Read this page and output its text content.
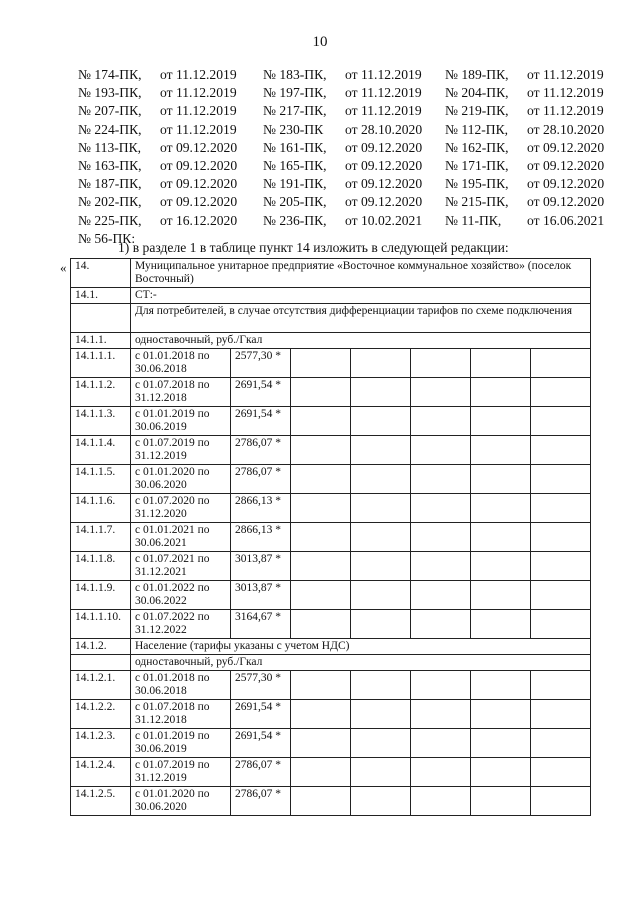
10
№ 174-ПК,	от 11.12.2019 № 183-ПК,	от 11.12.2019 № 189-ПК,	от 11.12.2019
№ 193-ПК,	от 11.12.2019 № 197-ПК,	от 11.12.2019 № 204-ПК,	от 11.12.2019
№ 207-ПК,	от 11.12.2019 № 217-ПК,	от 11.12.2019 № 219-ПК,	от 11.12.2019
№ 224-ПК,	от 11.12.2019 № 230-ПК	от 28.10.2020 № 112-ПК,	от 28.10.2020
№ 113-ПК,	от 09.12.2020 № 161-ПК,	от 09.12.2020 № 162-ПК,	от 09.12.2020
№ 163-ПК,	от 09.12.2020 № 165-ПК,	от 09.12.2020 № 171-ПК,	от 09.12.2020
№ 187-ПК,	от 09.12.2020 № 191-ПК,	от 09.12.2020 № 195-ПК,	от 09.12.2020
№ 202-ПК,	от 09.12.2020 № 205-ПК,	от 09.12.2020 № 215-ПК,	от 09.12.2020
№ 225-ПК,	от 16.12.2020 № 236-ПК,	от 10.02.2021 № 11-ПК,	от 16.06.2021
№ 56-ПК:
1) в разделе 1 в таблице пункт 14 изложить в следующей редакции:
« 14.	Муниципальное унитарное предприятие «Восточное коммунальное хозяйство» (поселок Восточный)						
14.1.	СТ:-						
	Для потребителей, в случае отсутствия дифференциации тарифов по схеме подключения						
14.1.1.	одноставочный, руб./Гкал						
14.1.1.1.	с 01.01.2018 по 30.06.2018	2577,30 *					
14.1.1.2.	с 01.07.2018 по 31.12.2018	2691,54 *					
14.1.1.3.	с 01.01.2019 по 30.06.2019	2691,54 *					
14.1.1.4.	с 01.07.2019 по 31.12.2019	2786,07 *					
14.1.1.5.	с 01.01.2020 по 30.06.2020	2786,07 *					
14.1.1.6.	с 01.07.2020 по 31.12.2020	2866,13 *					
14.1.1.7.	с 01.01.2021 по 30.06.2021	2866,13 *					
14.1.1.8.	с 01.07.2021 по 31.12.2021	3013,87 *					
14.1.1.9.	с 01.01.2022 по 30.06.2022	3013,87 *					
14.1.1.10.	с 01.07.2022 по 31.12.2022	3164,67 *					
14.1.2.	Население (тарифы указаны с учетом НДС)						
	одноставочный, руб./Гкал						
14.1.2.1.	с 01.01.2018 по 30.06.2018	2577,30 *					
14.1.2.2.	с 01.07.2018 по 31.12.2018	2691,54 *					
14.1.2.3.	с 01.01.2019 по 30.06.2019	2691,54 *					
14.1.2.4.	с 01.07.2019 по 31.12.2019	2786,07 *					
14.1.2.5.	с 01.01.2020 по 30.06.2020	2786,07 *					
